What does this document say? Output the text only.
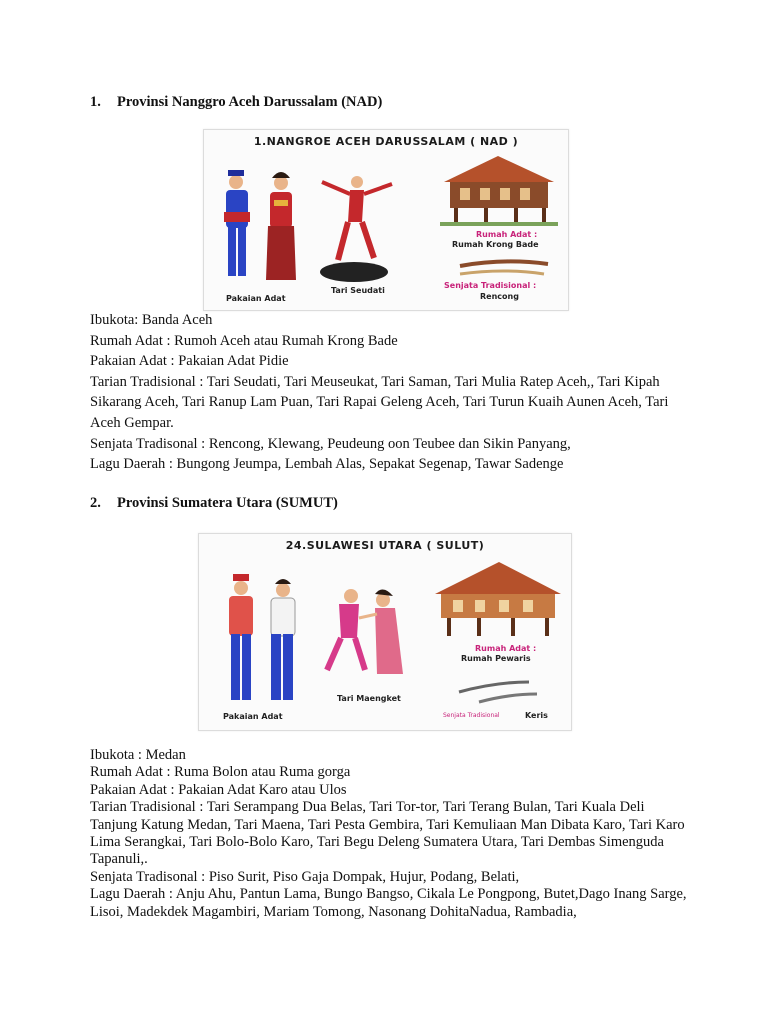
1. Provinsi Nanggro Aceh Darussalam (NAD)
1.NANGROE ACEH DARUSSALAM ( NAD )
Pakaian Adat
Tari Seudati
Rumah Adat :
Rumah Krong Bade
Senjata Tradisional :
Rencong

Ibukota: Banda Aceh

Rumah Adat : Rumoh Aceh atau Rumah Krong Bade

Pakaian Adat : Pakaian Adat Pidie

Tarian Tradisional : Tari Seudati, Tari Meuseukat, Tari Saman, Tari Mulia Ratep Aceh,, Tari Kipah Sikarang Aceh, Tari Ranup Lam Puan, Tari Rapai Geleng Aceh, Tari Turun Kuaih Aunen Aceh, Tari Aceh Gempar.

Senjata Tradisonal : Rencong, Klewang, Peudeung oon Teubee dan Sikin Panyang,

Lagu Daerah : Bungong Jeumpa, Lembah Alas, Sepakat Segenap, Tawar Sadenge

2. Provinsi Sumatera Utara (SUMUT)
24.SULAWESI UTARA ( SULUT)
Pakaian Adat
Tari Maengket
Rumah Adat :
Rumah Pewaris
Senjata Tradisional	Keris

Ibukota : Medan

Rumah Adat : Ruma Bolon atau Ruma gorga

Pakaian Adat : Pakaian Adat Karo atau Ulos

Tarian Tradisional : Tari Serampang Dua Belas, Tari Tor-tor, Tari Terang Bulan, Tari Kuala Deli Tanjung Katung Medan, Tari Maena, Tari Pesta Gembira, Tari Kemuliaan Man Dibata Karo, Tari Karo Lima Serangkai, Tari Bolo-Bolo Karo, Tari Begu Deleng Sumatera Utara, Tari Dembas Simenguda Tapanuli,.

Senjata Tradisonal : Piso Surit, Piso Gaja Dompak, Hujur, Podang, Belati,

Lagu Daerah : Anju Ahu, Pantun Lama, Bungo Bangso, Cikala Le Pongpong, Butet,Dago Inang Sarge, Lisoi, Madekdek Magambiri, Mariam Tomong, Nasonang DohitaNadua, Rambadia,
